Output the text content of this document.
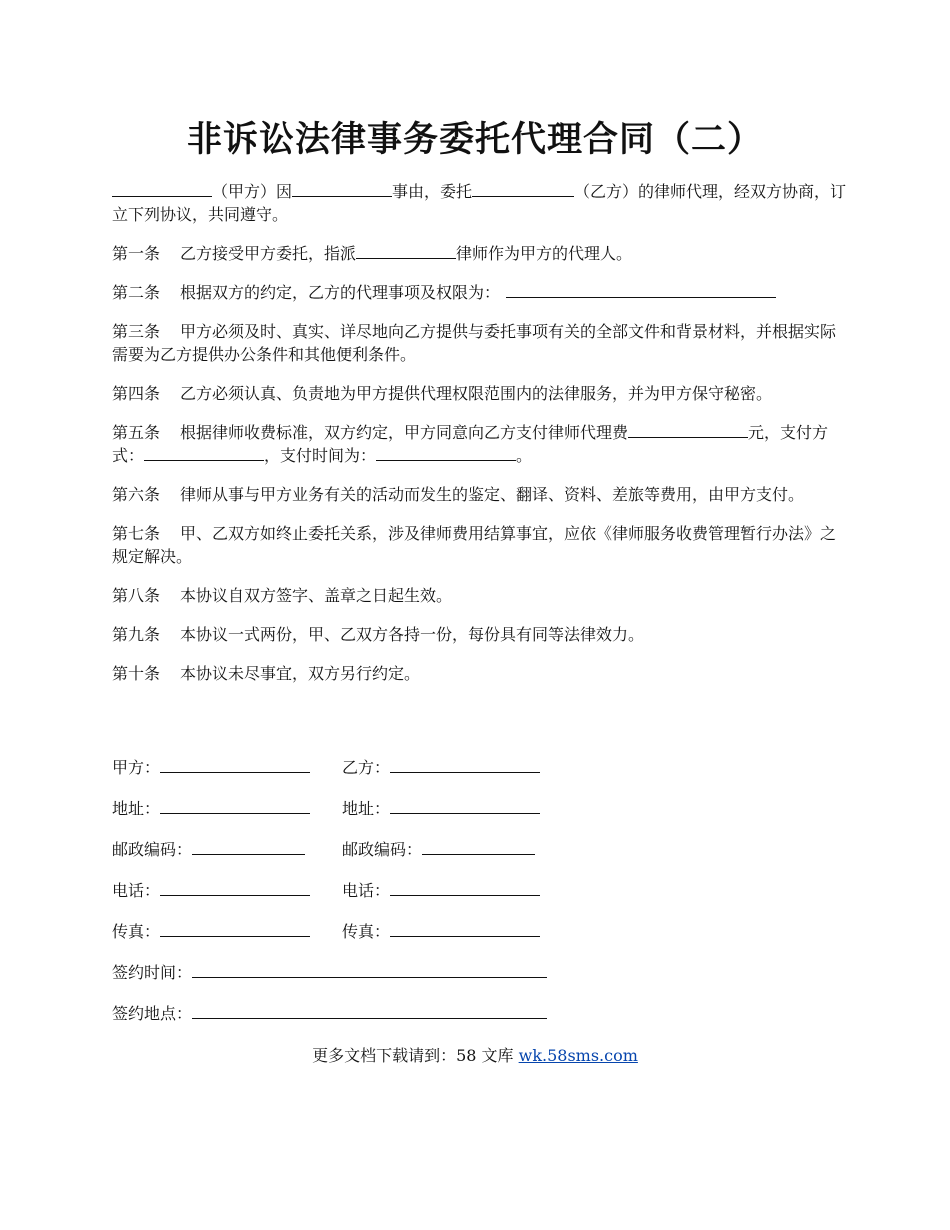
非诉讼法律事务委托代理合同（二）

（甲方）因	事由，委托	（乙方）的律师代理，经双方协商，订立下列协议，共同遵守。

第一条 乙方接受甲方委托，指派	律师作为甲方的代理人。

第二条 根据双方的约定，乙方的代理事项及权限为：

第三条 甲方必须及时、真实、详尽地向乙方提供与委托事项有关的全部文件和背景材料，并根据实际需要为乙方提供办公条件和其他便利条件。

第四条 乙方必须认真、负责地为甲方提供代理权限范围内的法律服务，并为甲方保守秘密。

第五条 根据律师收费标准，双方约定，甲方同意向乙方支付律师代理费	元，支付方式：	，支付时间为：	。

第六条 律师从事与甲方业务有关的活动而发生的鉴定、翻译、资料、差旅等费用，由甲方支付。

第七条 甲、乙双方如终止委托关系，涉及律师费用结算事宜，应依《律师服务收费管理暂行办法》之规定解决。

第八条 本协议自双方签字、盖章之日起生效。

第九条 本协议一式两份，甲、乙双方各持一份，每份具有同等法律效力。

第十条 本协议未尽事宜，双方另行约定。

甲方：	乙方：
地址：	地址：
邮政编码：	邮政编码：
电话：	电话：
传真：	传真：
签约时间：
签约地点：
更多文档下载请到：58 文库 wk.58sms.com
